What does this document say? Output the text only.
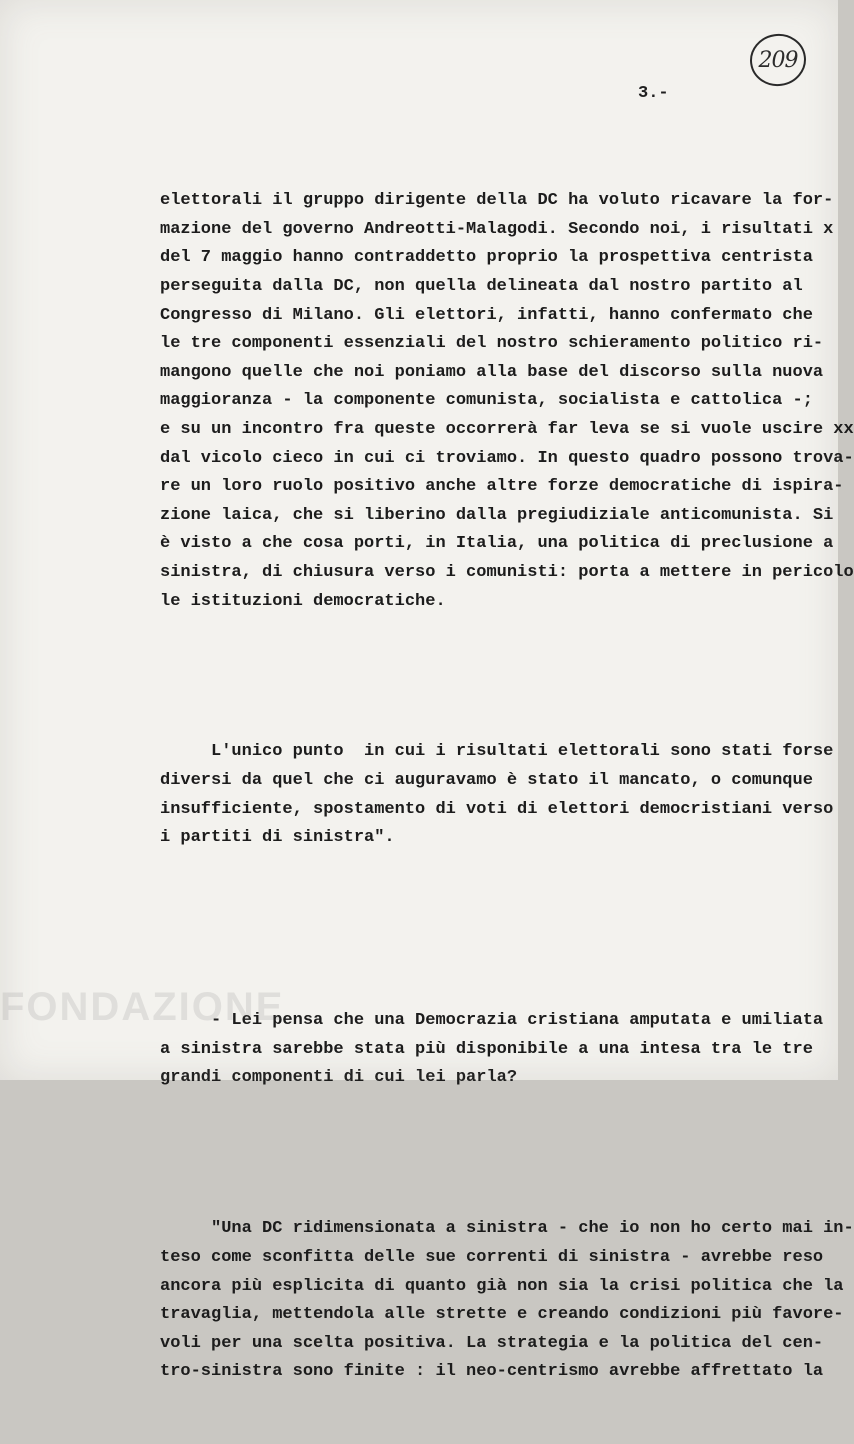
209
3.-

elettorali il gruppo dirigente della DC ha voluto ricavare la for-
mazione del governo Andreotti-Malagodi. Secondo noi, i risultati x
del 7 maggio hanno contraddetto proprio la prospettiva centrista
perseguita dalla DC, non quella delineata dal nostro partito al
Congresso di Milano. Gli elettori, infatti, hanno confermato che
le tre componenti essenziali del nostro schieramento politico ri-
mangono quelle che noi poniamo alla base del discorso sulla nuova
maggioranza - la componente comunista, socialista e cattolica -;
e su un incontro fra queste occorrerà far leva se si vuole uscire xx
dal vicolo cieco in cui ci troviamo. In questo quadro possono trova-
re un loro ruolo positivo anche altre forze democratiche di ispira-
zione laica, che si liberino dalla pregiudiziale anticomunista. Si
è visto a che cosa porti, in Italia, una politica di preclusione a
sinistra, di chiusura verso i comunisti: porta a mettere in pericolo
le istituzioni democratiche.

L'unico punto  in cui i risultati elettorali sono stati forse
diversi da quel che ci auguravamo è stato il mancato, o comunque
insufficiente, spostamento di voti di elettori democristiani verso
i partiti di sinistra".

- Lei pensa che una Democrazia cristiana amputata e umiliata
a sinistra sarebbe stata più disponibile a una intesa tra le tre
grandi componenti di cui lei parla?

"Una DC ridimensionata a sinistra - che io non ho certo mai in-
teso come sconfitta delle sue correnti di sinistra - avrebbe reso
ancora più esplicita di quanto già non sia la crisi politica che la
travaglia, mettendola alle strette e creando condizioni più favore-
voli per una scelta positiva. La strategia e la politica del cen-
tro-sinistra sono finite : il neo-centrismo avrebbe affrettato la

FONDAZIONE
